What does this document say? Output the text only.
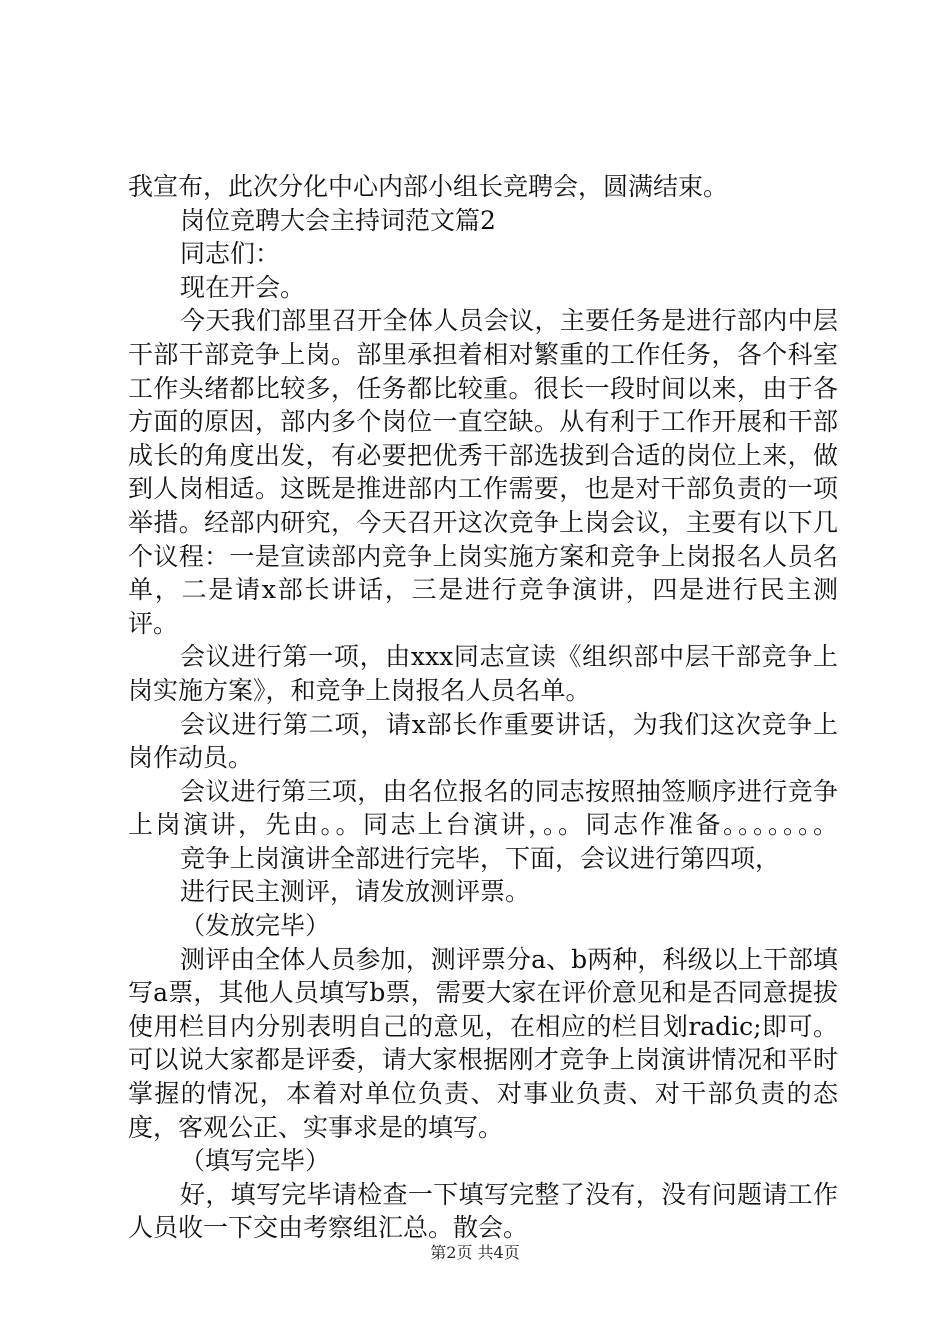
我宣布，此次分化中心内部小组长竞聘会，圆满结束。

岗位竞聘大会主持词范文篇2

同志们：

现在开会。

今天我们部里召开全体人员会议，主要任务是进行部内中层干部干部竞争上岗。部里承担着相对繁重的工作任务，各个科室工作头绪都比较多，任务都比较重。很长一段时间以来，由于各方面的原因，部内多个岗位一直空缺。从有利于工作开展和干部成长的角度出发，有必要把优秀干部选拔到合适的岗位上来，做到人岗相适。这既是推进部内工作需要，也是对干部负责的一项举措。经部内研究，今天召开这次竞争上岗会议，主要有以下几个议程：一是宣读部内竞争上岗实施方案和竞争上岗报名人员名单，二是请x部长讲话，三是进行竞争演讲，四是进行民主测评。

会议进行第一项，由xxx同志宣读《组织部中层干部竞争上岗实施方案》，和竞争上岗报名人员名单。

会议进行第二项，请x部长作重要讲话，为我们这次竞争上岗作动员。

会议进行第三项，由名位报名的同志按照抽签顺序进行竞争上岗演讲，先由。。同志上台演讲，。。同志作准备。。。。。。。

竞争上岗演讲全部进行完毕，下面，会议进行第四项，

进行民主测评，请发放测评票。

（发放完毕）

测评由全体人员参加，测评票分a、b两种，科级以上干部填写a票，其他人员填写b票，需要大家在评价意见和是否同意提拔使用栏目内分别表明自己的意见，在相应的栏目划radic;即可。可以说大家都是评委，请大家根据刚才竞争上岗演讲情况和平时掌握的情况，本着对单位负责、对事业负责、对干部负责的态度，客观公正、实事求是的填写。

（填写完毕）

好，填写完毕请检查一下填写完整了没有，没有问题请工作人员收一下交由考察组汇总。散会。

第2页 共4页
